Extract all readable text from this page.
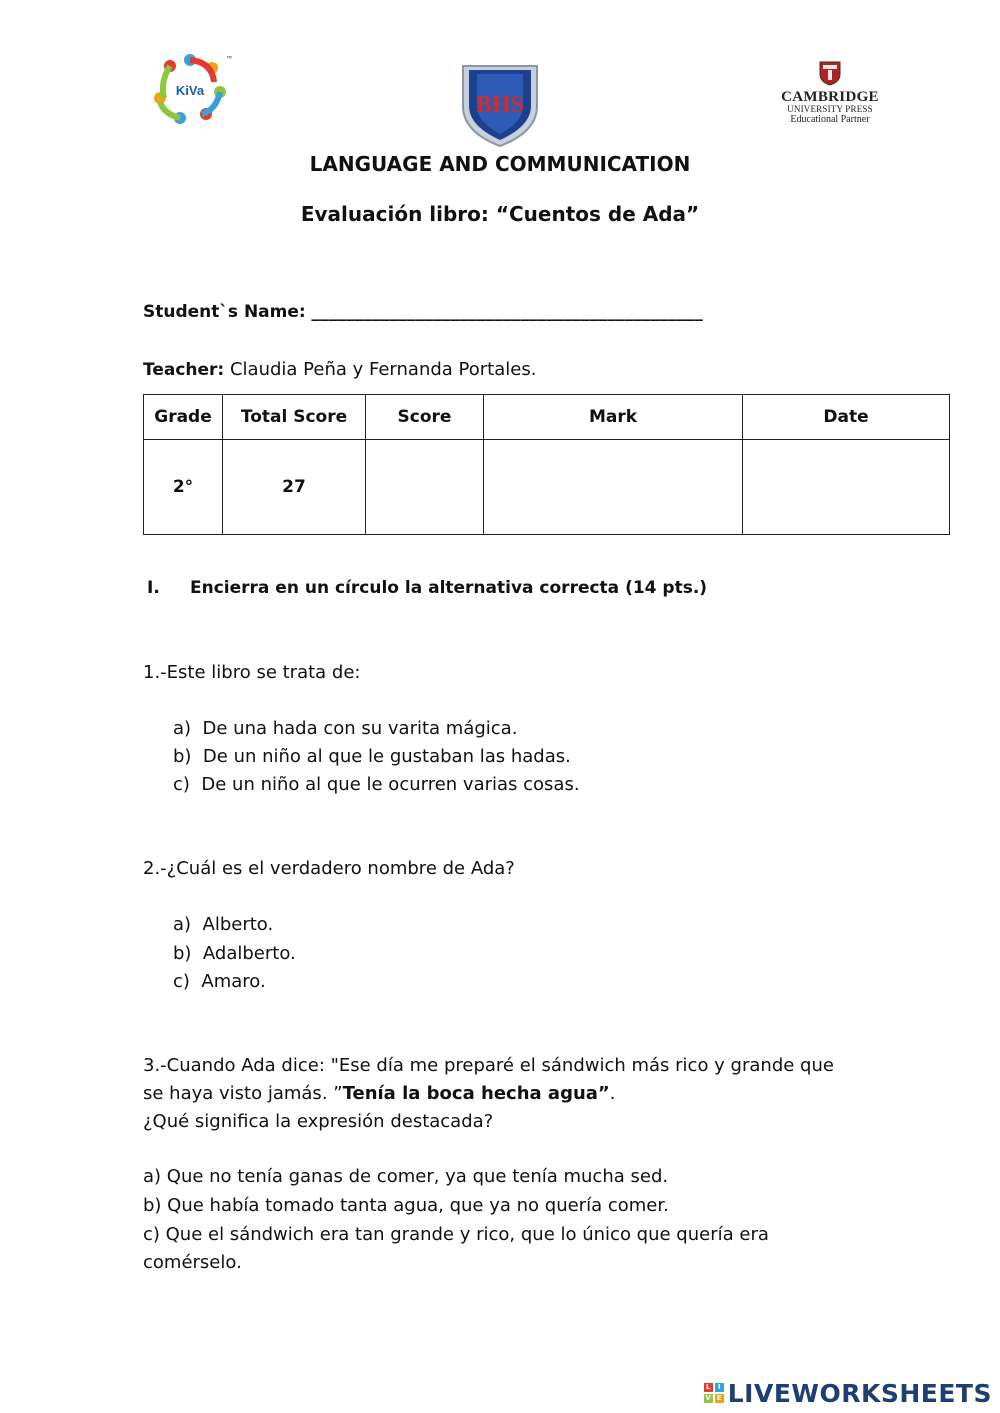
KiVa
™
BHS	CAMBRIDGE
UNIVERSITY PRESS
Educational Partner
LANGUAGE AND COMMUNICATION
Evaluación libro: “Cuentos de Ada”
Student`s Name: _____________________________________________
Teacher: Claudia Peña y Fernanda Portales.
Grade	Total Score	Score	Mark	Date
2°	27			
I. Encierra en un círculo la alternativa correcta (14 pts.)
1.-Este libro se trata de:
a) De una hada con su varita mágica.
b) De un niño al que le gustaban las hadas.
c) De un niño al que le ocurren varias cosas.
2.-¿Cuál es el verdadero nombre de Ada?
a) Alberto.
b) Adalberto.
c) Amaro.
3.-Cuando Ada dice: "Ese día me preparé el sándwich más rico y grande que
se haya visto jamás. ”Tenía la boca hecha agua”.
¿Qué significa la expresión destacada?
a) Que no tenía ganas de comer, ya que tenía mucha sed.
b) Que había tomado tanta agua, que ya no quería comer.
c) Que el sándwich era tan grande y rico, que lo único que quería era
comérselo.
L	I
V E LIVEWORKSHEETS
